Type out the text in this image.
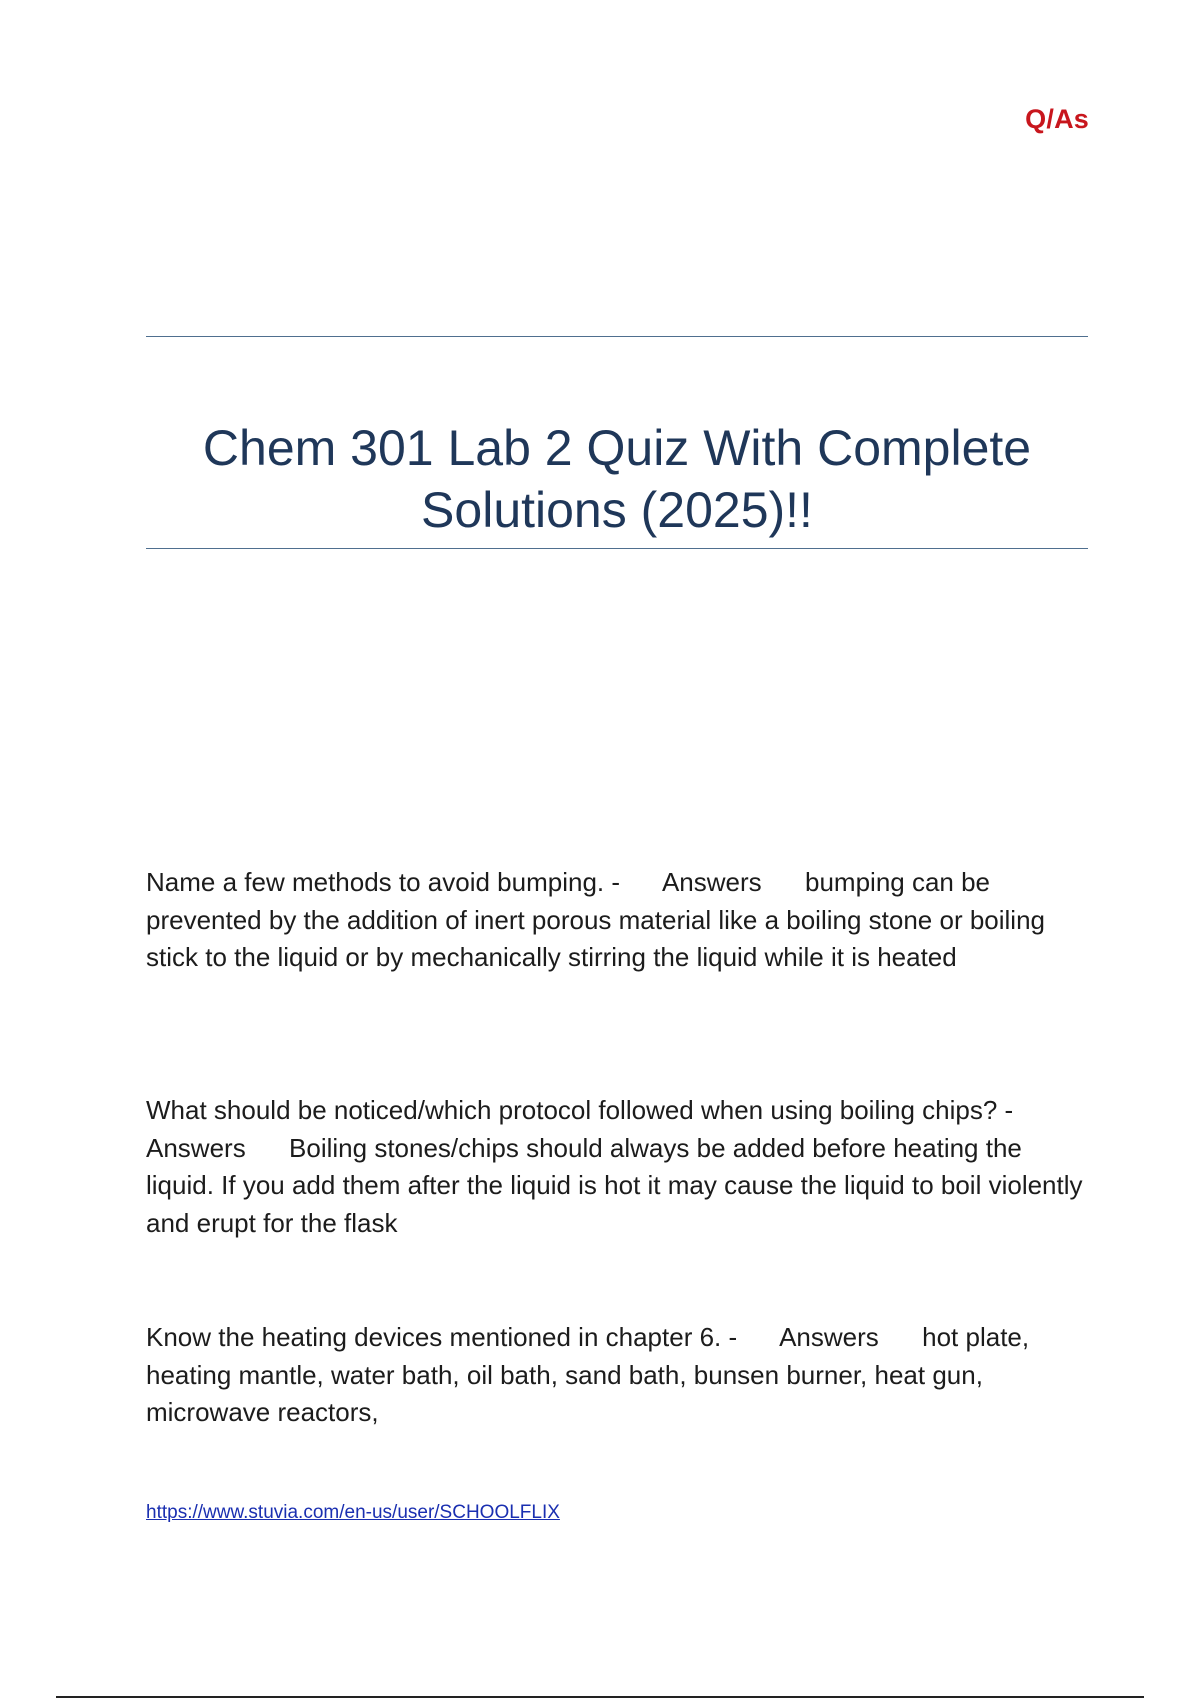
Q/As
Chem 301 Lab 2 Quiz With Complete
Solutions (2025)!!

Name a few methods to avoid bumping. - Answers bumping can be prevented by the addition of inert porous material like a boiling stone or boiling stick to the liquid or by mechanically stirring the liquid while it is heated

What should be noticed/which protocol followed when using boiling chips? - Answers Boiling stones/chips should always be added before heating the liquid. If you add them after the liquid is hot it may cause the liquid to boil violently and erupt for the flask

Know the heating devices mentioned in chapter 6. - Answers hot plate, heating mantle, water bath, oil bath, sand bath, bunsen burner, heat gun, microwave reactors,

https://www.stuvia.com/en-us/user/SCHOOLFLIX
